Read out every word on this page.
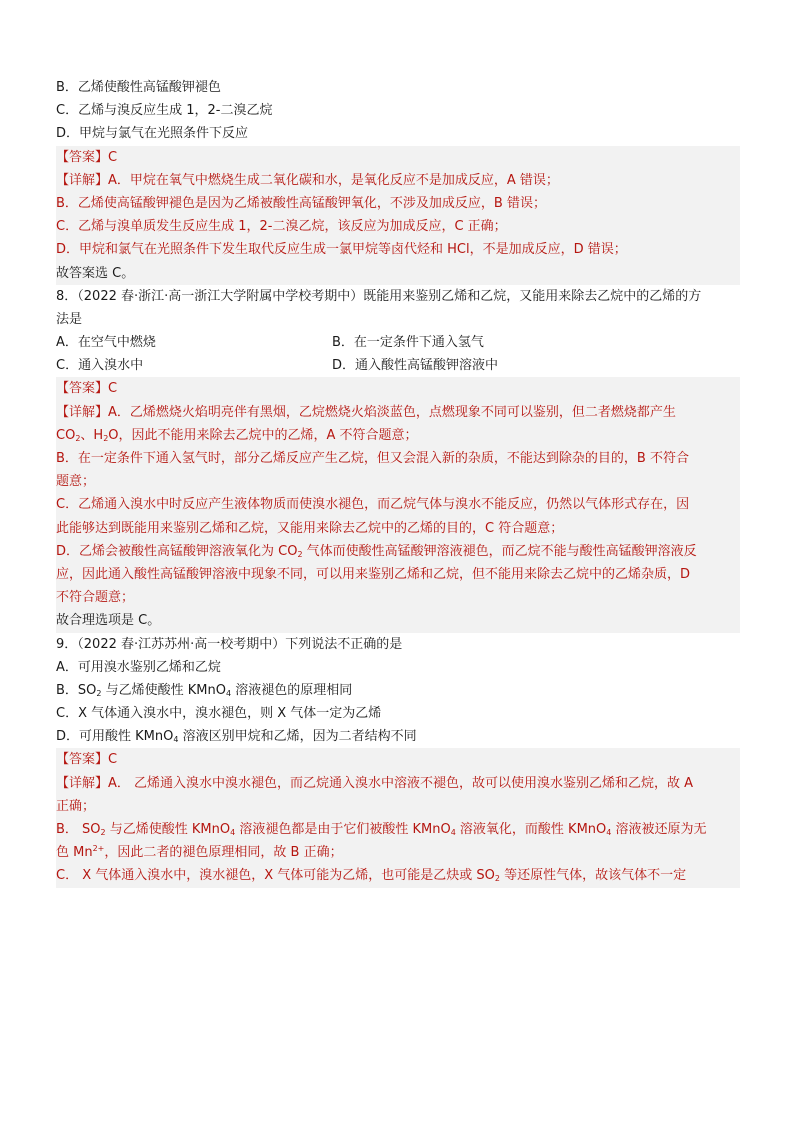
B．乙烯使酸性高锰酸钾褪色
C．乙烯与溴反应生成 1，2-二溴乙烷
D．甲烷与氯气在光照条件下反应
【答案】C
【详解】A．甲烷在氧气中燃烧生成二氧化碳和水，是氧化反应不是加成反应，A 错误；
B．乙烯使高锰酸钾褪色是因为乙烯被酸性高锰酸钾氧化，不涉及加成反应，B 错误；
C．乙烯与溴单质发生反应生成 1，2-二溴乙烷，该反应为加成反应，C 正确；
D．甲烷和氯气在光照条件下发生取代反应生成一氯甲烷等卤代烃和 HCl，不是加成反应，D 错误；
故答案选 C。
8．（2022 春·浙江·高一浙江大学附属中学校考期中）既能用来鉴别乙烯和乙烷，又能用来除去乙烷中的乙烯的方
法是
A．在空气中燃烧	B．在一定条件下通入氢气
C．通入溴水中	D．通入酸性高锰酸钾溶液中
【答案】C
【详解】A．乙烯燃烧火焰明亮伴有黑烟，乙烷燃烧火焰淡蓝色，点燃现象不同可以鉴别，但二者燃烧都产生
$CO_2$、$H_2O$，因此不能用来除去乙烷中的乙烯，A 不符合题意；
B．在一定条件下通入氢气时，部分乙烯反应产生乙烷，但又会混入新的杂质，不能达到除杂的目的，B 不符合
题意；
C．乙烯通入溴水中时反应产生液体物质而使溴水褪色，而乙烷气体与溴水不能反应，仍然以气体形式存在，因
此能够达到既能用来鉴别乙烯和乙烷，又能用来除去乙烷中的乙烯的目的，C 符合题意；
D．乙烯会被酸性高锰酸钾溶液氧化为 $CO_2$ 气体而使酸性高锰酸钾溶液褪色，而乙烷不能与酸性高锰酸钾溶液反
应，因此通入酸性高锰酸钾溶液中现象不同，可以用来鉴别乙烯和乙烷，但不能用来除去乙烷中的乙烯杂质，D
不符合题意；
故合理选项是 C。
9．（2022 春·江苏苏州·高一校考期中）下列说法不正确的是
A．可用溴水鉴别乙烯和乙烷
B．$SO_2$ 与乙烯使酸性 KMnO$_4$ 溶液褪色的原理相同
C．X 气体通入溴水中，溴水褪色，则 X 气体一定为乙烯
D．可用酸性 KMnO$_4$ 溶液区别甲烷和乙烯，因为二者结构不同
【答案】C
【详解】A． 乙烯通入溴水中溴水褪色，而乙烷通入溴水中溶液不褪色，故可以使用溴水鉴别乙烯和乙烷，故 A
正确；
B． $SO_2$ 与乙烯使酸性 KMnO$_4$ 溶液褪色都是由于它们被酸性 KMnO$_4$ 溶液氧化，而酸性 KMnO$_4$ 溶液被还原为无
色 $Mn^{2+}$，因此二者的褪色原理相同，故 B 正确；
C． X 气体通入溴水中，溴水褪色，X 气体可能为乙烯，也可能是乙炔或 $SO_2$ 等还原性气体，故该气体不一定
